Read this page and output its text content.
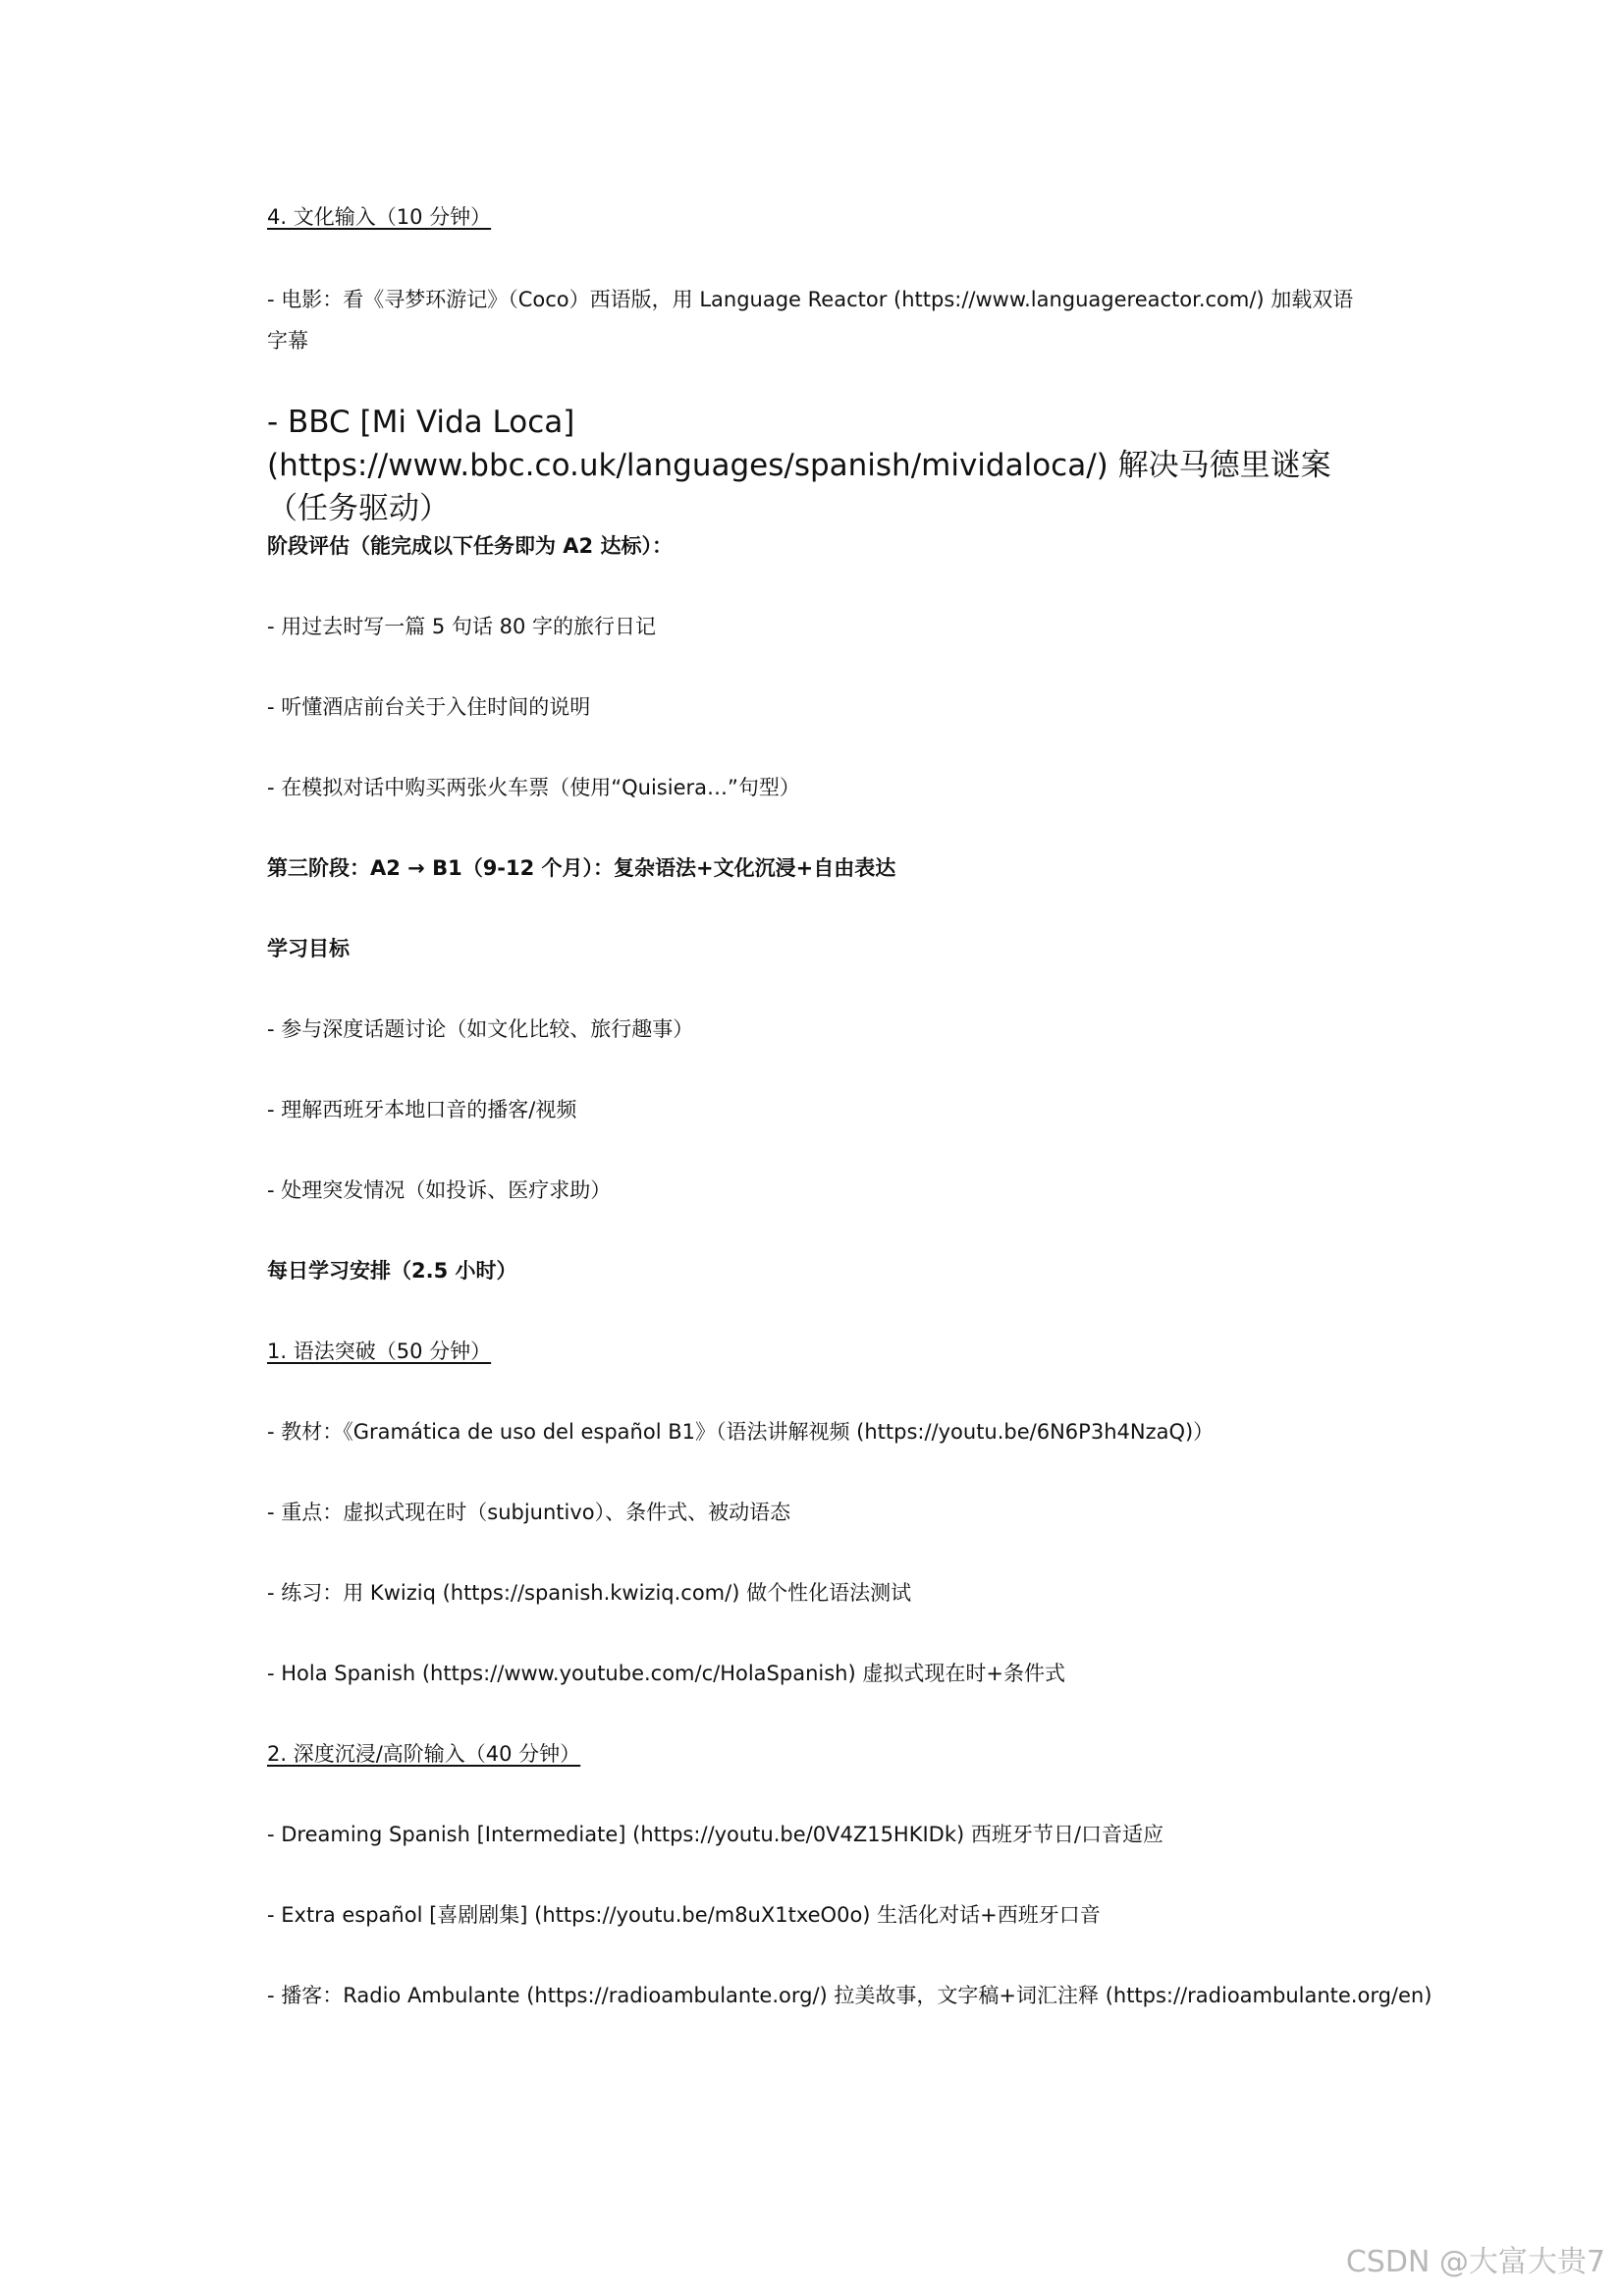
4. 文化输入（10 分钟）
- 电影：看《寻梦环游记》（Coco）西语版，用 Language Reactor (https://www.languagereactor.com/) 加载双语字幕
- BBC [Mi Vida Loca] (https://www.bbc.co.uk/languages/spanish/mividaloca/) 解决马德里谜案（任务驱动）
阶段评估（能完成以下任务即为 A2 达标）：
- 用过去时写一篇 5 句话 80 字的旅行日记
- 听懂酒店前台关于入住时间的说明
- 在模拟对话中购买两张火车票（使用“Quisiera…”句型）
第三阶段：A2 → B1（9-12 个月）：复杂语法+文化沉浸+自由表达
学习目标
- 参与深度话题讨论（如文化比较、旅行趣事）
- 理解西班牙本地口音的播客/视频
- 处理突发情况（如投诉、医疗求助）
每日学习安排（2.5 小时）
1. 语法突破（50 分钟）
- 教材：《Gramática de uso del español B1》（语法讲解视频 (https://youtu.be/6N6P3h4NzaQ)）
- 重点：虚拟式现在时（subjuntivo）、条件式、被动语态
- 练习：用 Kwiziq (https://spanish.kwiziq.com/) 做个性化语法测试
- Hola Spanish (https://www.youtube.com/c/HolaSpanish) 虚拟式现在时+条件式
2. 深度沉浸/高阶输入（40 分钟）
- Dreaming Spanish [Intermediate] (https://youtu.be/0V4Z15HKIDk) 西班牙节日/口音适应
- Extra español [喜剧剧集] (https://youtu.be/m8uX1txeO0o) 生活化对话+西班牙口音
- 播客：Radio Ambulante (https://radioambulante.org/) 拉美故事，文字稿+词汇注释 (https://radioambulante.org/en)
CSDN @大富大贵7
